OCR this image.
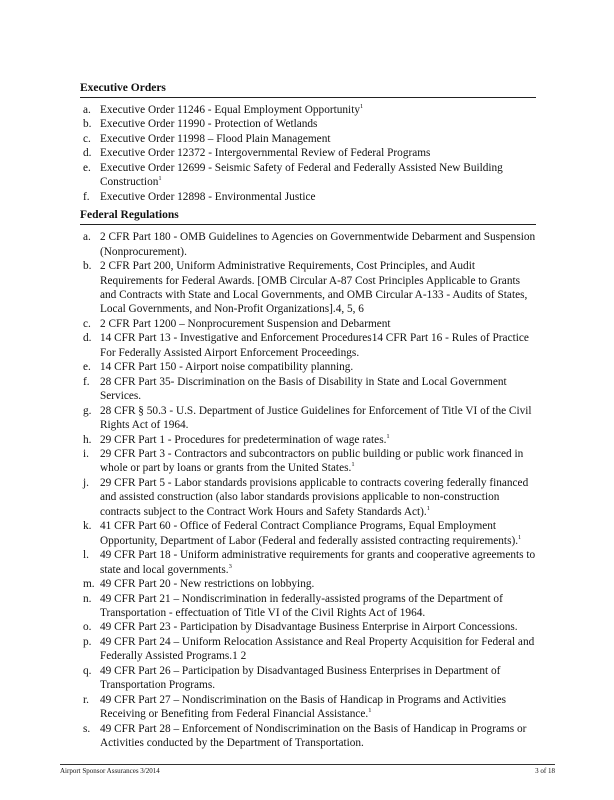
Executive Orders
a. Executive Order 11246 - Equal Employment Opportunity$^1$
b. Executive Order 11990 - Protection of Wetlands
c. Executive Order 11998 – Flood Plain Management
d. Executive Order 12372 - Intergovernmental Review of Federal Programs
e. Executive Order 12699 - Seismic Safety of Federal and Federally Assisted New Building Construction$^1$
f. Executive Order 12898 - Environmental Justice
Federal Regulations
a. 2 CFR Part 180 - OMB Guidelines to Agencies on Governmentwide Debarment and Suspension (Nonprocurement).
b. 2 CFR Part 200, Uniform Administrative Requirements, Cost Principles, and Audit Requirements for Federal Awards. [OMB Circular A-87 Cost Principles Applicable to Grants and Contracts with State and Local Governments, and OMB Circular A-133 - Audits of States, Local Governments, and Non-Profit Organizations].4, 5, 6
c. 2 CFR Part 1200 – Nonprocurement Suspension and Debarment
d. 14 CFR Part 13 - Investigative and Enforcement Procedures14 CFR Part 16 - Rules of Practice For Federally Assisted Airport Enforcement Proceedings.
e. 14 CFR Part 150 - Airport noise compatibility planning.
f. 28 CFR Part 35- Discrimination on the Basis of Disability in State and Local Government Services.
g. 28 CFR § 50.3 - U.S. Department of Justice Guidelines for Enforcement of Title VI of the Civil Rights Act of 1964.
h. 29 CFR Part 1 - Procedures for predetermination of wage rates.$^1$
i. 29 CFR Part 3 - Contractors and subcontractors on public building or public work financed in whole or part by loans or grants from the United States.$^1$
j. 29 CFR Part 5 - Labor standards provisions applicable to contracts covering federally financed and assisted construction (also labor standards provisions applicable to non-construction contracts subject to the Contract Work Hours and Safety Standards Act).$^1$
k. 41 CFR Part 60 - Office of Federal Contract Compliance Programs, Equal Employment Opportunity, Department of Labor (Federal and federally assisted contracting requirements).$^1$
l. 49 CFR Part 18 - Uniform administrative requirements for grants and cooperative agreements to state and local governments.$^3$
m. 49 CFR Part 20 - New restrictions on lobbying.
n. 49 CFR Part 21 – Nondiscrimination in federally-assisted programs of the Department of Transportation - effectuation of Title VI of the Civil Rights Act of 1964.
o. 49 CFR Part 23 - Participation by Disadvantage Business Enterprise in Airport Concessions.
p. 49 CFR Part 24 – Uniform Relocation Assistance and Real Property Acquisition for Federal and Federally Assisted Programs.1 2
q. 49 CFR Part 26 – Participation by Disadvantaged Business Enterprises in Department of Transportation Programs.
r. 49 CFR Part 27 – Nondiscrimination on the Basis of Handicap in Programs and Activities Receiving or Benefiting from Federal Financial Assistance.$^1$
s. 49 CFR Part 28 – Enforcement of Nondiscrimination on the Basis of Handicap in Programs or Activities conducted by the Department of Transportation.
Airport Sponsor Assurances 3/2014	3 of 18
